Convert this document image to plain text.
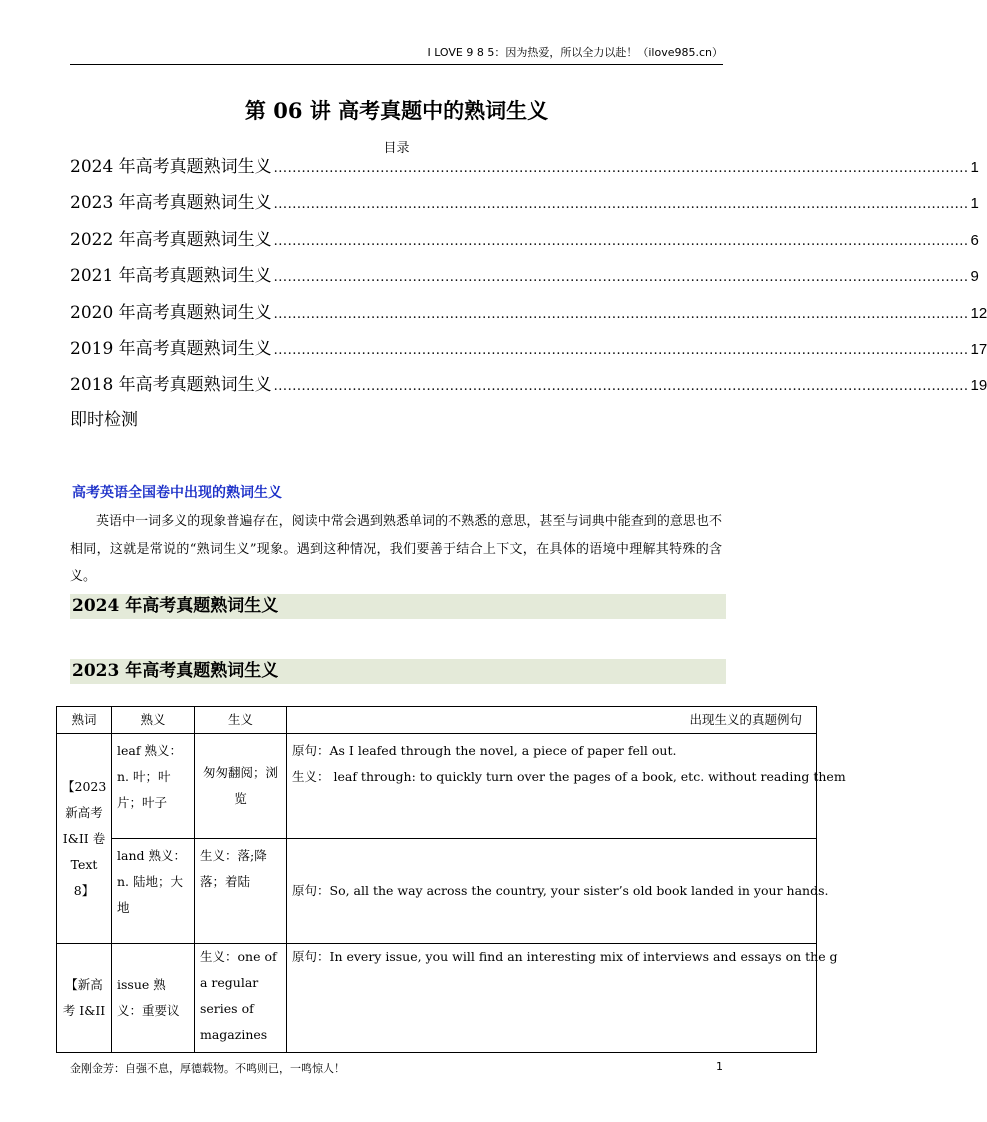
I LOVE 9 8 5：因为热爱，所以全力以赴！（ilove985.cn）
第 06 讲 高考真题中的熟词生义
目录
2024 年高考真题熟词生义 ...................................................................................................................................................... 1
2023 年高考真题熟词生义 ...................................................................................................................................................... 1
2022 年高考真题熟词生义 ...................................................................................................................................................... 6
2021 年高考真题熟词生义 ...................................................................................................................................................... 9
2020 年高考真题熟词生义 ...................................................................................................................................................... 12
2019 年高考真题熟词生义 ...................................................................................................................................................... 17
2018 年高考真题熟词生义 ...................................................................................................................................................... 19
即时检测
高考英语全国卷中出现的熟词生义
英语中一词多义的现象普遍存在，阅读中常会遇到熟悉单词的不熟悉的意思，甚至与词典中能查到的意思也不相同，这就是常说的“熟词生义”现象。遇到这种情况，我们要善于结合上下文，在具体的语境中理解其特殊的含义。
2024 年高考真题熟词生义
2023 年高考真题熟词生义
熟词	熟义	生义	出现生义的真题例句
【2023 新高考 I&II 卷 Text 8】	leaf 熟义：n. 叶；叶片；叶子	匆匆翻阅；浏览	原句：As I leafed through the novel, a piece of paper fell out.
生义： leaf through: to quickly turn over the pages of a book, etc. without reading them

	land 熟义：n. 陆地；大地	生义：落;降落；着陆	原句：So, all the way across the country, your sister’s old book landed in your hands.

【新高考 I&II	issue 熟义：重要议	生义：one of a regular series of magazines	原句：In every issue, you will find an interesting mix of interviews and essays on the g
金刚金芳：自强不息，厚德载物。不鸣则已，一鸣惊人！	1
